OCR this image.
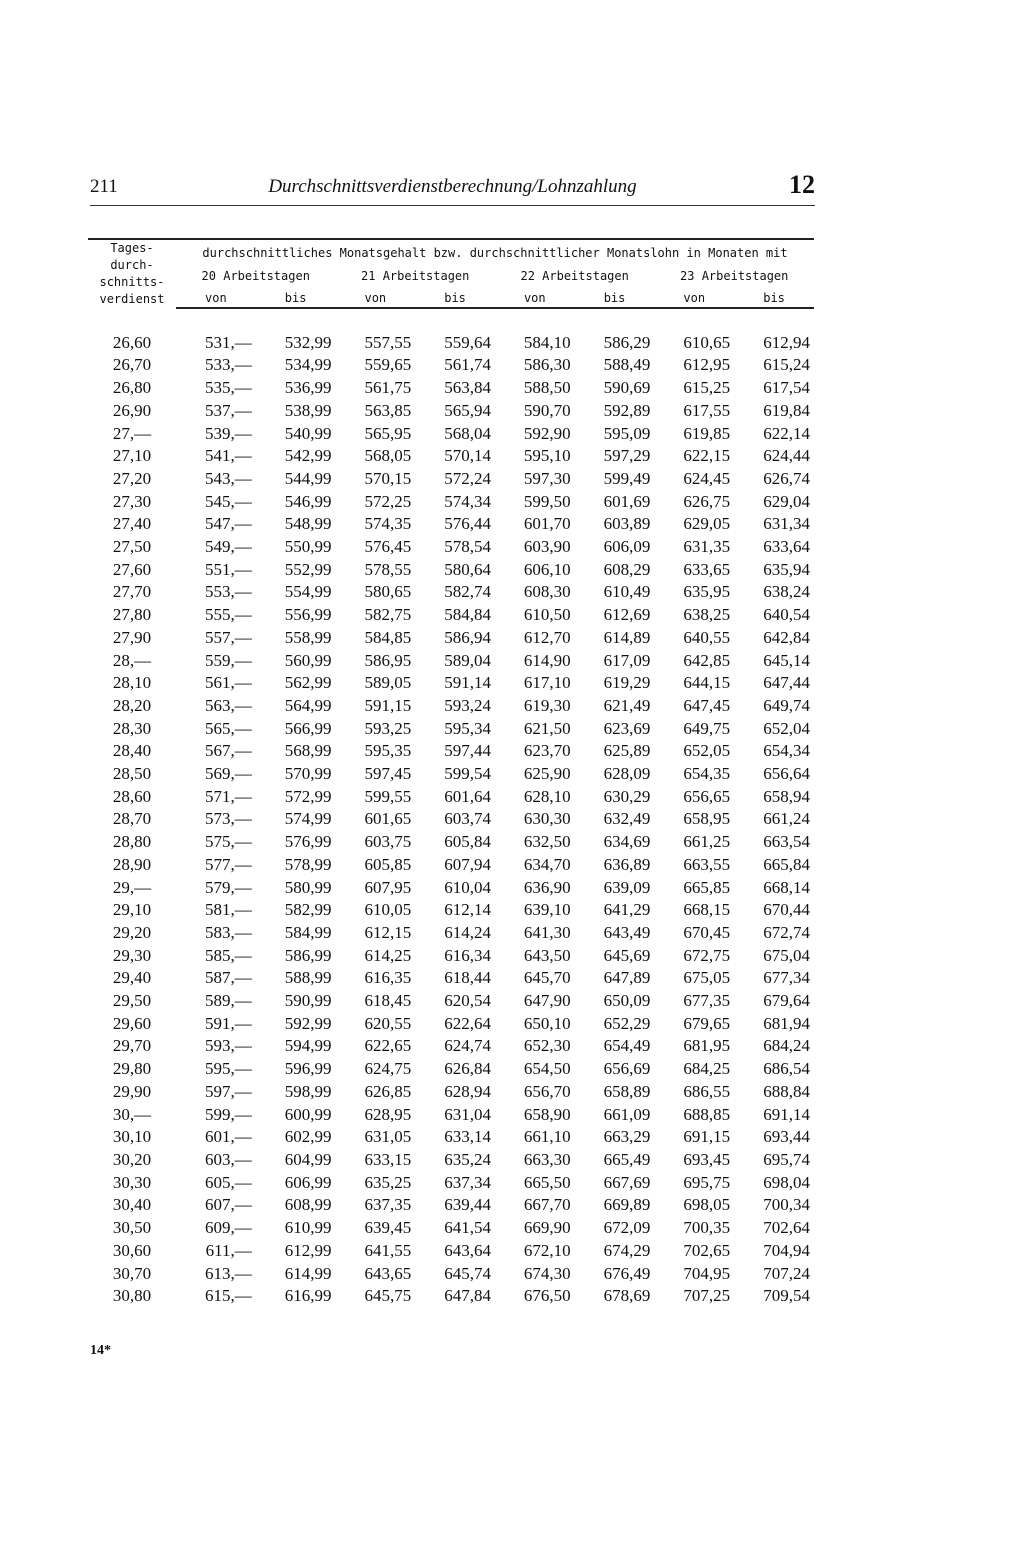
211	Durchschnittsverdienstberechnung/Lohnzahlung	12
Tages-
durch-
schnitts-
verdienst	durchschnittliches Monatsgehalt bzw. durchschnittlicher Monatslohn in Monaten mit							
	20 Arbeitstagen		21 Arbeitstagen		22 Arbeitstagen		23 Arbeitstagen	
	von	bis	von	bis	von	bis	von	bis

26,60	531,—	532,99	557,55	559,64	584,10	586,29	610,65	612,94
26,70	533,—	534,99	559,65	561,74	586,30	588,49	612,95	615,24
26,80	535,—	536,99	561,75	563,84	588,50	590,69	615,25	617,54
26,90	537,—	538,99	563,85	565,94	590,70	592,89	617,55	619,84
27,—	539,—	540,99	565,95	568,04	592,90	595,09	619,85	622,14
27,10	541,—	542,99	568,05	570,14	595,10	597,29	622,15	624,44
27,20	543,—	544,99	570,15	572,24	597,30	599,49	624,45	626,74
27,30	545,—	546,99	572,25	574,34	599,50	601,69	626,75	629,04
27,40	547,—	548,99	574,35	576,44	601,70	603,89	629,05	631,34
27,50	549,—	550,99	576,45	578,54	603,90	606,09	631,35	633,64
27,60	551,—	552,99	578,55	580,64	606,10	608,29	633,65	635,94
27,70	553,—	554,99	580,65	582,74	608,30	610,49	635,95	638,24
27,80	555,—	556,99	582,75	584,84	610,50	612,69	638,25	640,54
27,90	557,—	558,99	584,85	586,94	612,70	614,89	640,55	642,84
28,—	559,—	560,99	586,95	589,04	614,90	617,09	642,85	645,14
28,10	561,—	562,99	589,05	591,14	617,10	619,29	644,15	647,44
28,20	563,—	564,99	591,15	593,24	619,30	621,49	647,45	649,74
28,30	565,—	566,99	593,25	595,34	621,50	623,69	649,75	652,04
28,40	567,—	568,99	595,35	597,44	623,70	625,89	652,05	654,34
28,50	569,—	570,99	597,45	599,54	625,90	628,09	654,35	656,64
28,60	571,—	572,99	599,55	601,64	628,10	630,29	656,65	658,94
28,70	573,—	574,99	601,65	603,74	630,30	632,49	658,95	661,24
28,80	575,—	576,99	603,75	605,84	632,50	634,69	661,25	663,54
28,90	577,—	578,99	605,85	607,94	634,70	636,89	663,55	665,84
29,—	579,—	580,99	607,95	610,04	636,90	639,09	665,85	668,14
29,10	581,—	582,99	610,05	612,14	639,10	641,29	668,15	670,44
29,20	583,—	584,99	612,15	614,24	641,30	643,49	670,45	672,74
29,30	585,—	586,99	614,25	616,34	643,50	645,69	672,75	675,04
29,40	587,—	588,99	616,35	618,44	645,70	647,89	675,05	677,34
29,50	589,—	590,99	618,45	620,54	647,90	650,09	677,35	679,64
29,60	591,—	592,99	620,55	622,64	650,10	652,29	679,65	681,94
29,70	593,—	594,99	622,65	624,74	652,30	654,49	681,95	684,24
29,80	595,—	596,99	624,75	626,84	654,50	656,69	684,25	686,54
29,90	597,—	598,99	626,85	628,94	656,70	658,89	686,55	688,84
30,—	599,—	600,99	628,95	631,04	658,90	661,09	688,85	691,14
30,10	601,—	602,99	631,05	633,14	661,10	663,29	691,15	693,44
30,20	603,—	604,99	633,15	635,24	663,30	665,49	693,45	695,74
30,30	605,—	606,99	635,25	637,34	665,50	667,69	695,75	698,04
30,40	607,—	608,99	637,35	639,44	667,70	669,89	698,05	700,34
30,50	609,—	610,99	639,45	641,54	669,90	672,09	700,35	702,64
30,60	611,—	612,99	641,55	643,64	672,10	674,29	702,65	704,94
30,70	613,—	614,99	643,65	645,74	674,30	676,49	704,95	707,24
30,80	615,—	616,99	645,75	647,84	676,50	678,69	707,25	709,54
14*
